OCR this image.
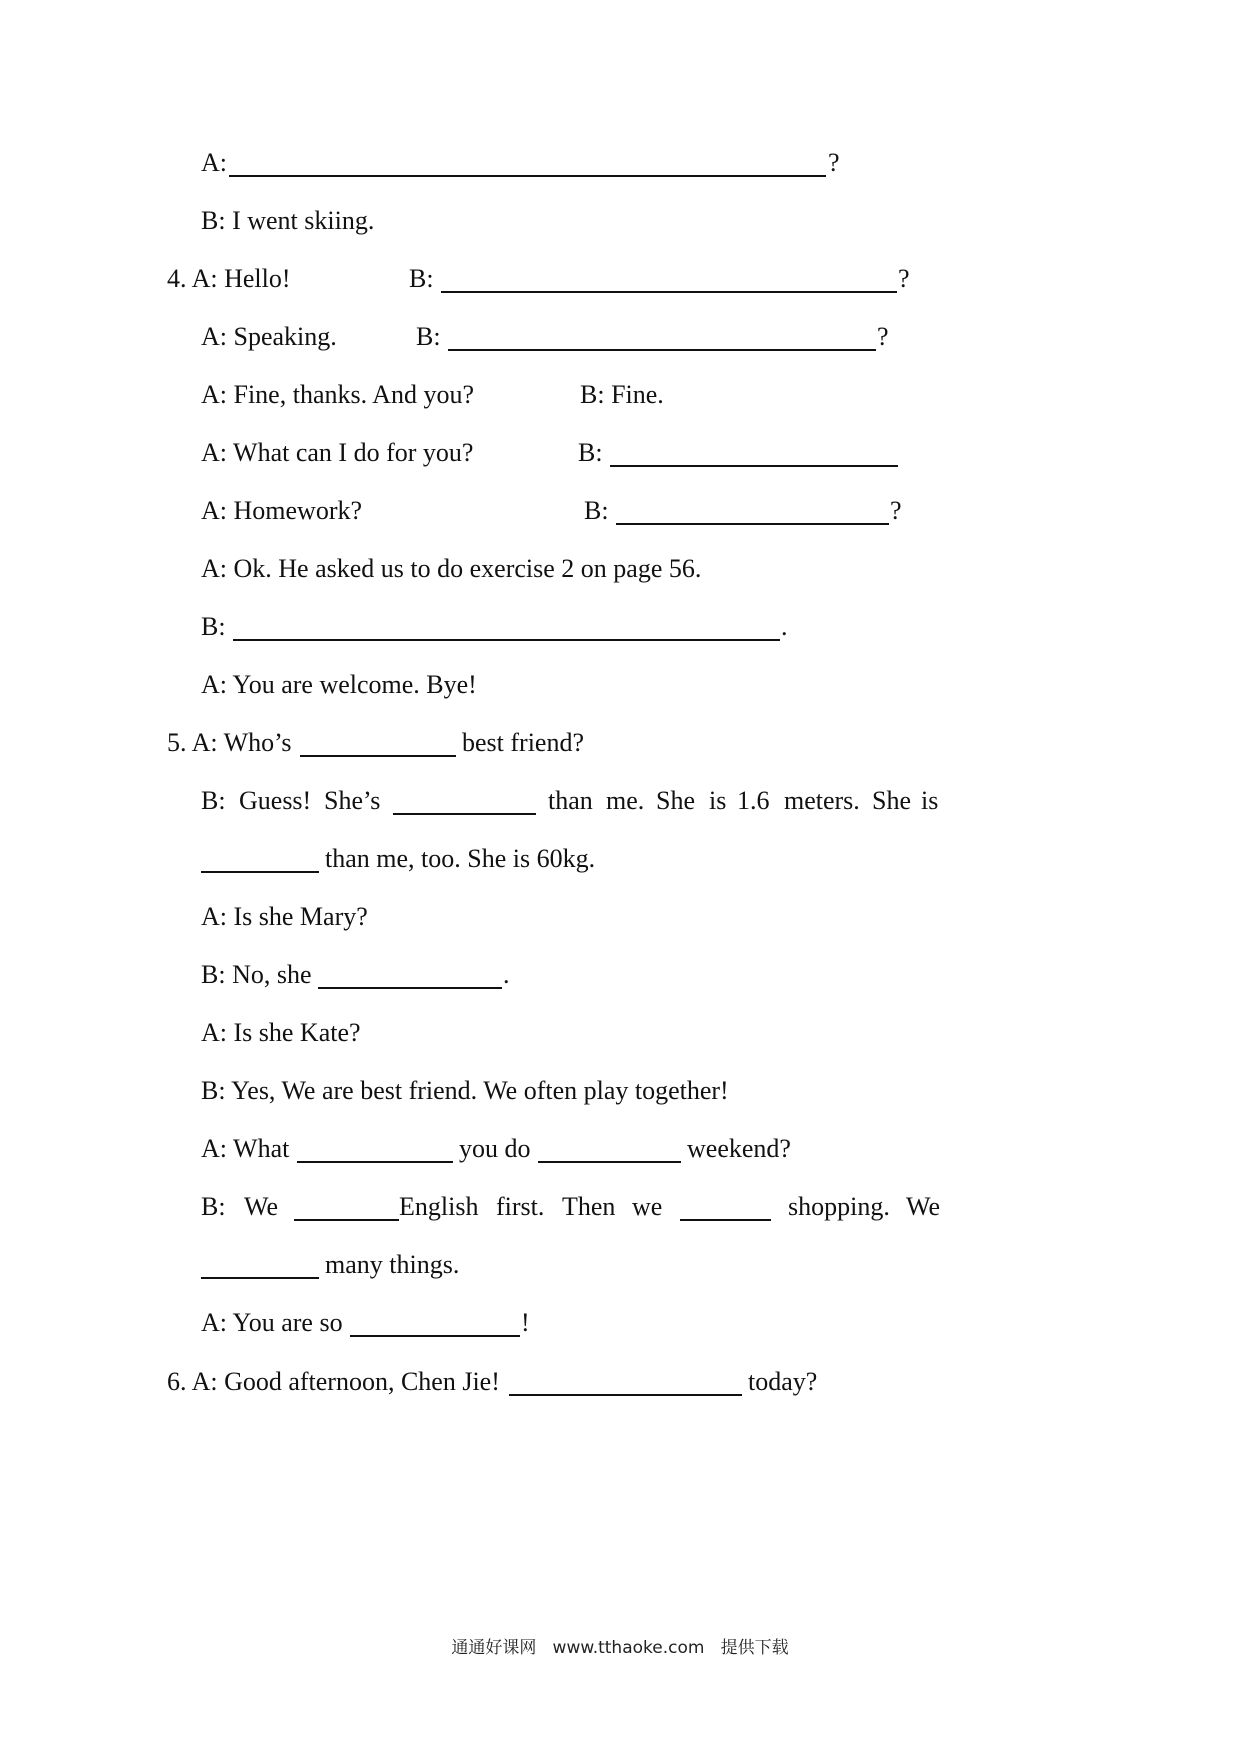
A:	?
B: I went skiing.
4. A: Hello!	B:	?
A: Speaking.	B:	?
A: Fine, thanks. And you?	B: Fine.
A: What can I do for you?	B:
A: Homework?	B:	?
A: Ok. He asked us to do exercise 2 on page 56.
B:	.
A: You are welcome. Bye!
5. A: Who’s	best friend?
B: Guess! She’s	than me. She is 1.6 meters. She is
than me, too. She is 60kg.
A: Is she Mary?
B: No, she	.
A: Is she Kate?
B: Yes, We are best friend. We often play together!
A: What	you do	weekend?
B: We	English first. Then we	shopping. We
many things.
A: You are so	!
6. A: Good afternoon, Chen Jie!	today?
通通好课网 www.tthaoke.com 提供下载
